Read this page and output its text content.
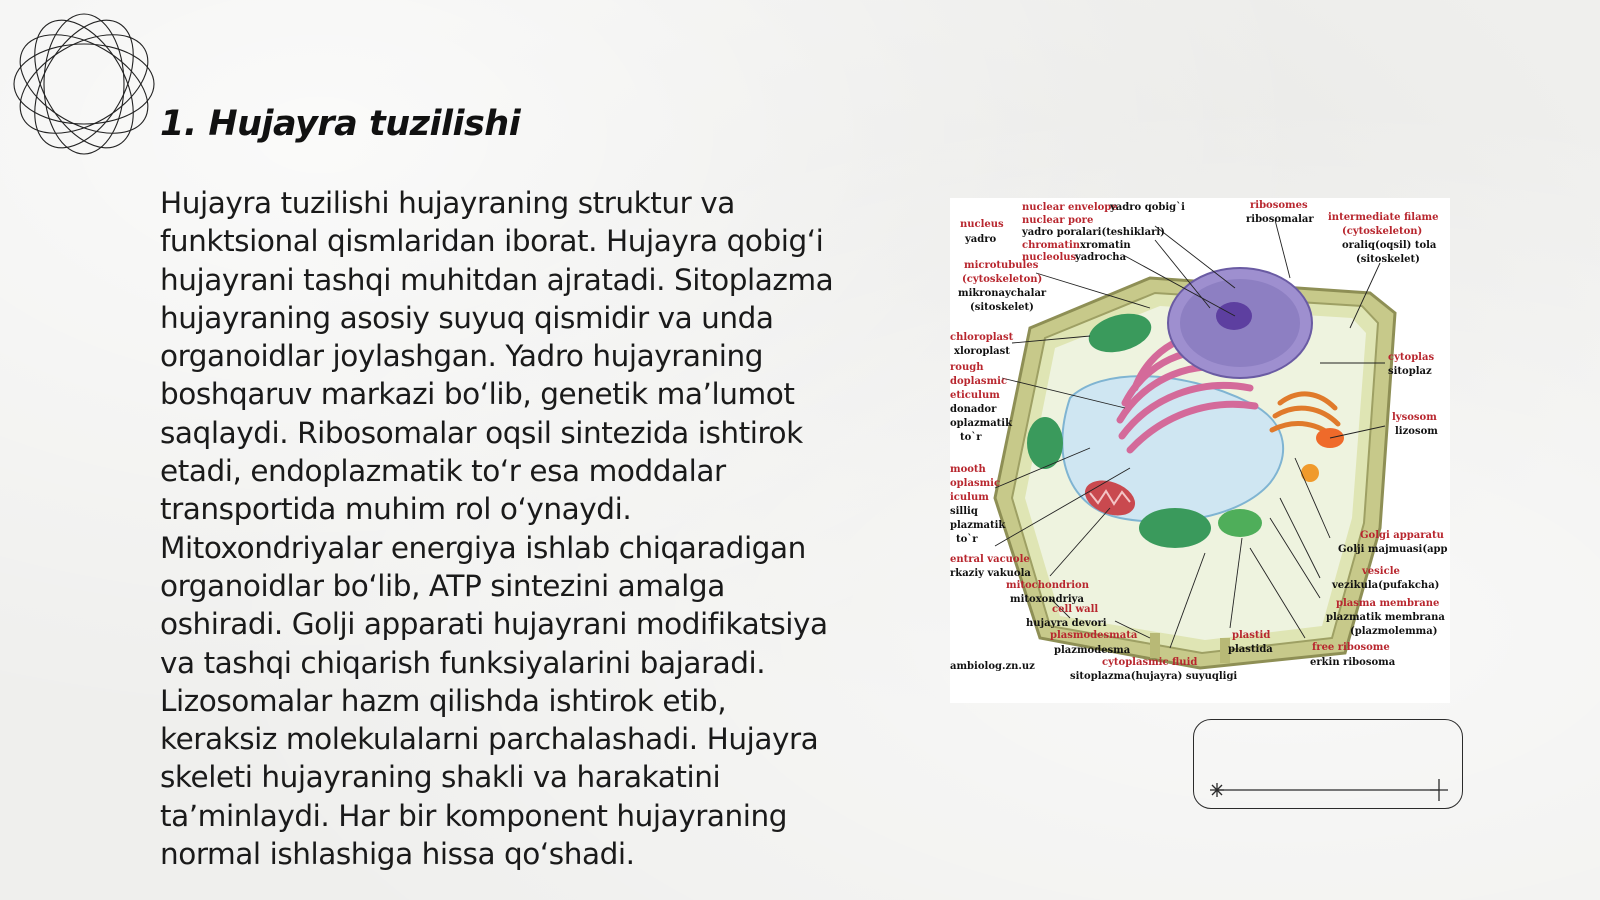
1. Hujayra tuzilishi

Hujayra tuzilishi hujayraning struktur va funktsional qismlaridan iborat. Hujayra qobig‘i hujayrani tashqi muhitdan ajratadi. Sitoplazma hujayraning asosiy suyuq qismidir va unda organoidlar joylashgan. Yadro hujayraning boshqaruv markazi bo‘lib, genetik ma’lumot saqlaydi. Ribosomalar oqsil sintezida ishtirok etadi, endoplazmatik to‘r esa moddalar transportida muhim rol o‘ynaydi. Mitoxondriyalar energiya ishlab chiqaradigan organoidlar bo‘lib, ATP sintezini amalga oshiradi. Golji apparati hujayrani modifikatsiya va tashqi chiqarish funksiyalarini bajaradi. Lizosomalar hazm qilishda ishtirok etib, keraksiz molekulalarni parchalashadi. Hujayra skeleti hujayraning shakli va harakatini ta’minlaydi. Har bir komponent hujayraning normal ishlashiga hissa qo‘shadi.

nuclear envelope
yadro qobig`i
nuclear pore
nucleus
yadro
yadro poralari(teshiklari)
chromatin xromatin
nucleolus
yadrocha
ribosomes
ribosomalar intermediate filame
(cytoskeleton)
oraliq(oqsil) tola
(sitoskelet)
microtubules
(cytoskeleton)
mikronaychalar
(sitoskelet)
chloroplast
xloroplast
rough
doplasmic
eticulum
donador
oplazmatik
to`r
cytoplas
sitoplaz
lysosom
lizosom
mooth
oplasmic
iculum
silliq
plazmatik
to`r
entral vacuole
rkaziy vakuola
mitochondrion
mitoxondriya
cell wall
hujayra devori
plasmodesmata
plazmodesma
Golgi apparatu
Golji majmuasi(app
vesicle
vezikula(pufakcha)
plasma membrane
plazmatik membrana
(plazmolemma)
plastid
plastida	free ribosome
erkin ribosoma
cytoplasmic fluid
sitoplazma(hujayra) suyuqligi
ambiolog.zn.uz
